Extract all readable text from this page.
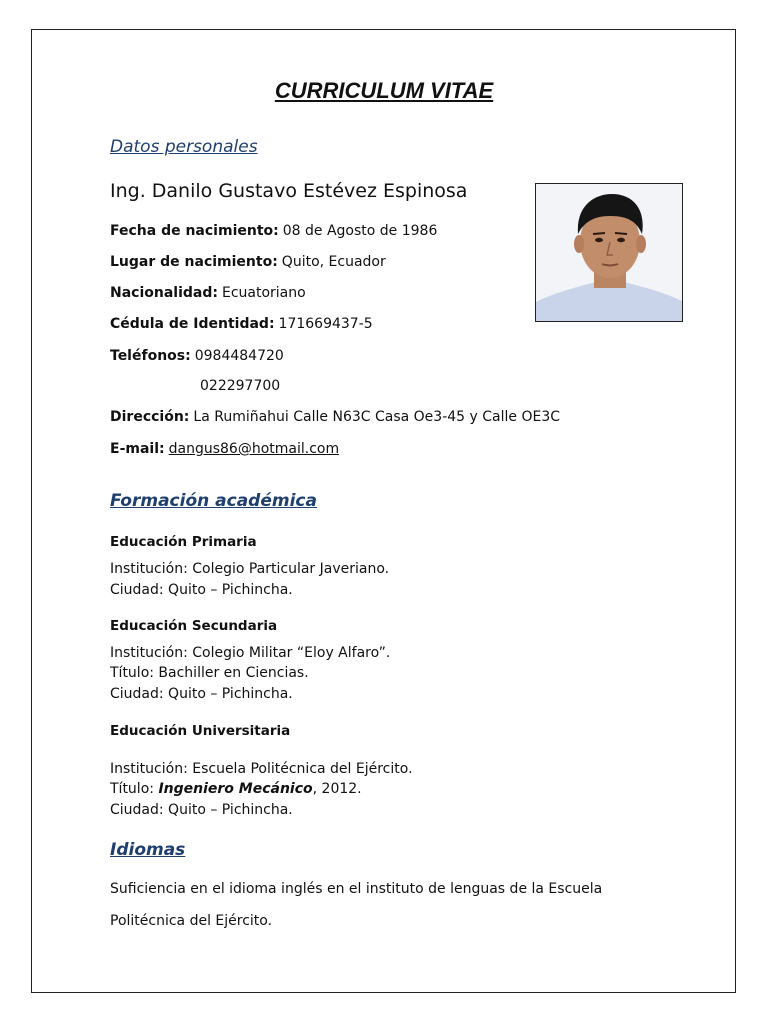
CURRICULUM VITAE
Datos personales
Ing. Danilo Gustavo Estévez Espinosa
Fecha de nacimiento: 08 de Agosto de 1986
Lugar de nacimiento: Quito, Ecuador
Nacionalidad: Ecuatoriano
Cédula de Identidad: 171669437-5
Teléfonos: 0984484720
022297700
Dirección: La Rumiñahui Calle N63C Casa Oe3-45 y Calle OE3C
E-mail: dangus86@hotmail.com
Formación académica
Educación Primaria
Institución: Colegio Particular Javeriano.
Ciudad: Quito – Pichincha.
Educación Secundaria
Institución: Colegio Militar “Eloy Alfaro”.
Título: Bachiller en Ciencias.
Ciudad: Quito – Pichincha.
Educación Universitaria
Institución: Escuela Politécnica del Ejército.
Título: Ingeniero Mecánico, 2012.
Ciudad: Quito – Pichincha.
Idiomas
Suficiencia en el idioma inglés en el instituto de lenguas de la Escuela
Politécnica del Ejército.
